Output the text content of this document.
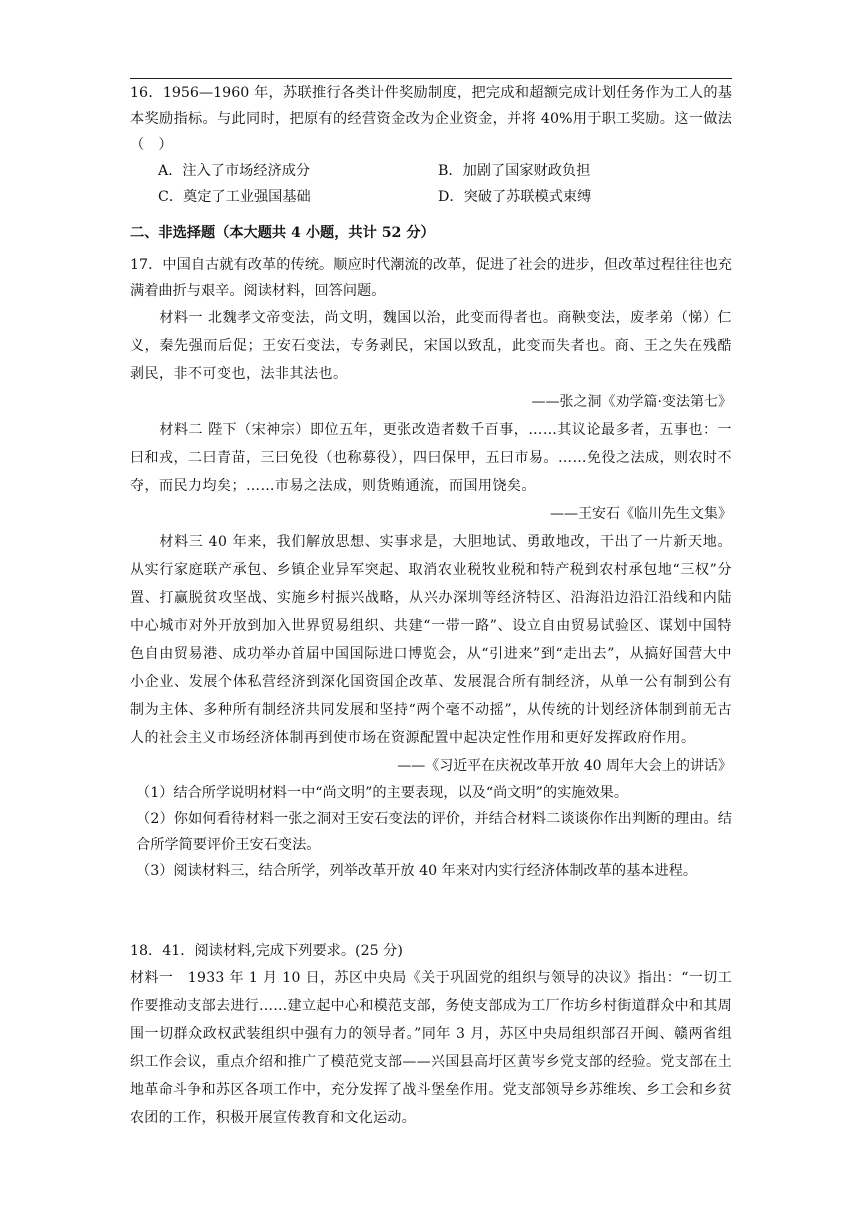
16．1956—1960 年，苏联推行各类计件奖励制度，把完成和超额完成计划任务作为工人的基本奖励指标。与此同时，把原有的经营资金改为企业资金，并将 40%用于职工奖励。这一做法（　）

A．注入了市场经济成分	B．加剧了国家财政负担
C．奠定了工业强国基础	D．突破了苏联模式束缚

二、非选择题（本大题共 4 小题，共计 52 分）

17．中国自古就有改革的传统。顺应时代潮流的改革，促进了社会的进步，但改革过程往往也充满着曲折与艰辛。阅读材料，回答问题。

材料一 北魏孝文帝变法，尚文明，魏国以治，此变而得者也。商鞅变法，废孝弟（悌）仁义，秦先强而后促；王安石变法，专务剥民，宋国以致乱，此变而失者也。商、王之失在残酷剥民，非不可变也，法非其法也。

——张之洞《劝学篇·变法第七》

材料二 陛下（宋神宗）即位五年，更张改造者数千百事，……其议论最多者，五事也：一曰和戎，二曰青苗，三曰免役（也称募役），四曰保甲，五曰市易。……免役之法成，则农时不夺，而民力均矣；……市易之法成，则货贿通流，而国用饶矣。

——王安石《临川先生文集》

材料三 40 年来，我们解放思想、实事求是，大胆地试、勇敢地改，干出了一片新天地。从实行家庭联产承包、乡镇企业异军突起、取消农业税牧业税和特产税到农村承包地“三权”分置、打赢脱贫攻坚战、实施乡村振兴战略，从兴办深圳等经济特区、沿海沿边沿江沿线和内陆中心城市对外开放到加入世界贸易组织、共建“一带一路”、设立自由贸易试验区、谋划中国特色自由贸易港、成功举办首届中国国际进口博览会，从“引进来”到“走出去”，从搞好国营大中小企业、发展个体私营经济到深化国资国企改革、发展混合所有制经济，从单一公有制到公有制为主体、多种所有制经济共同发展和坚持“两个毫不动摇”，从传统的计划经济体制到前无古人的社会主义市场经济体制再到使市场在资源配置中起决定性作用和更好发挥政府作用。

——《习近平在庆祝改革开放 40 周年大会上的讲话》

（1）结合所学说明材料一中“尚文明”的主要表现，以及“尚文明”的实施效果。

（2）你如何看待材料一张之洞对王安石变法的评价，并结合材料二谈谈你作出判断的理由。结合所学简要评价王安石变法。

（3）阅读材料三，结合所学，列举改革开放 40 年来对内实行经济体制改革的基本进程。

18．41．阅读材料,完成下列要求。(25 分)

材料一　1933 年 1 月 10 日，苏区中央局《关于巩固党的组织与领导的决议》指出：“一切工作要推动支部去进行……建立起中心和模范支部，务使支部成为工厂作坊乡村街道群众中和其周围一切群众政权武装组织中强有力的领导者。”同年 3 月，苏区中央局组织部召开闽、赣两省组织工作会议，重点介绍和推广了模范党支部——兴国县高圩区黄岑乡党支部的经验。党支部在土地革命斗争和苏区各项工作中，充分发挥了战斗堡垒作用。党支部领导乡苏维埃、乡工会和乡贫农团的工作，积极开展宣传教育和文化运动。
